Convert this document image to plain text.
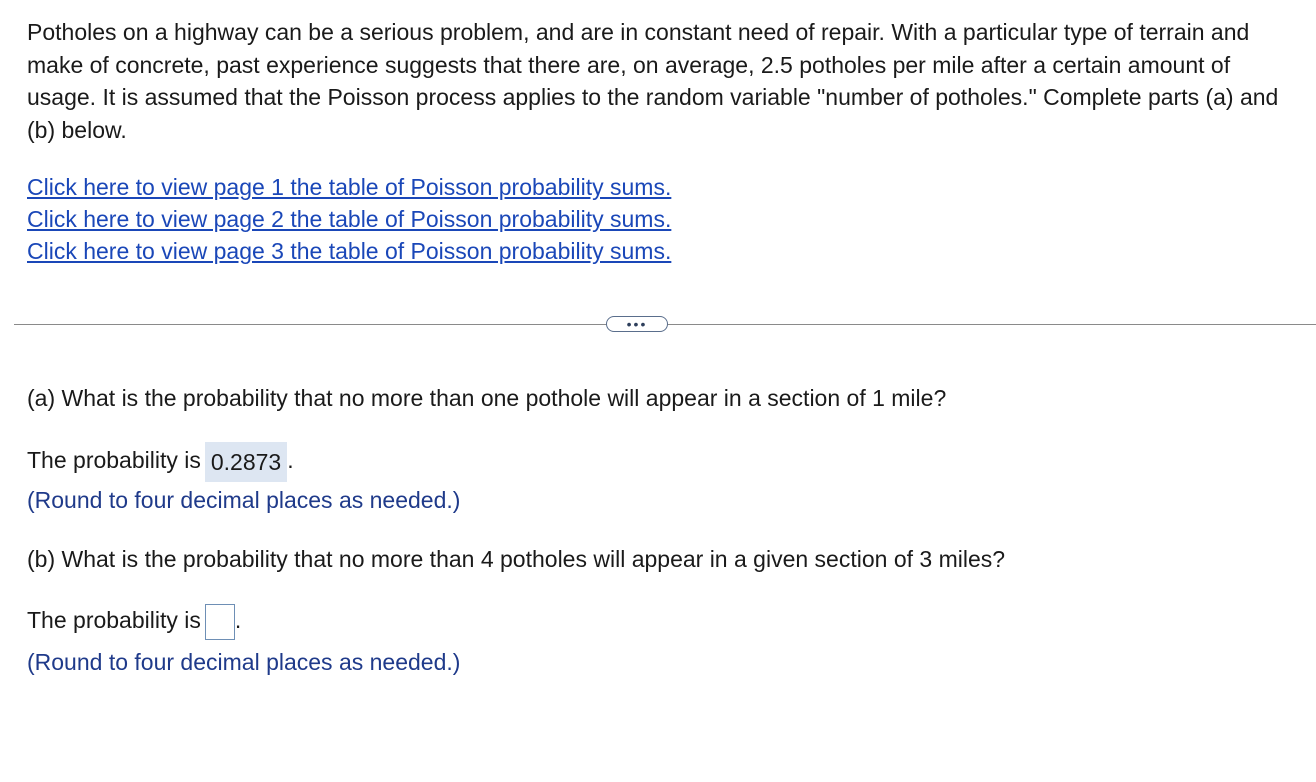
Potholes on a highway can be a serious problem, and are in constant need of repair. With a particular type of terrain and make of concrete, past experience suggests that there are, on average, 2.5 potholes per mile after a certain amount of usage. It is assumed that the Poisson process applies to the random variable "number of potholes." Complete parts (a) and (b) below.

Click here to view page 1 the table of Poisson probability sums.
Click here to view page 2 the table of Poisson probability sums.
Click here to view page 3 the table of Poisson probability sums.
•••

(a) What is the probability that no more than one pothole will appear in a section of 1 mile?

The probability is 0.2873 .
(Round to four decimal places as needed.)

(b) What is the probability that no more than 4 potholes will appear in a given section of 3 miles?

The probability is .
(Round to four decimal places as needed.)
